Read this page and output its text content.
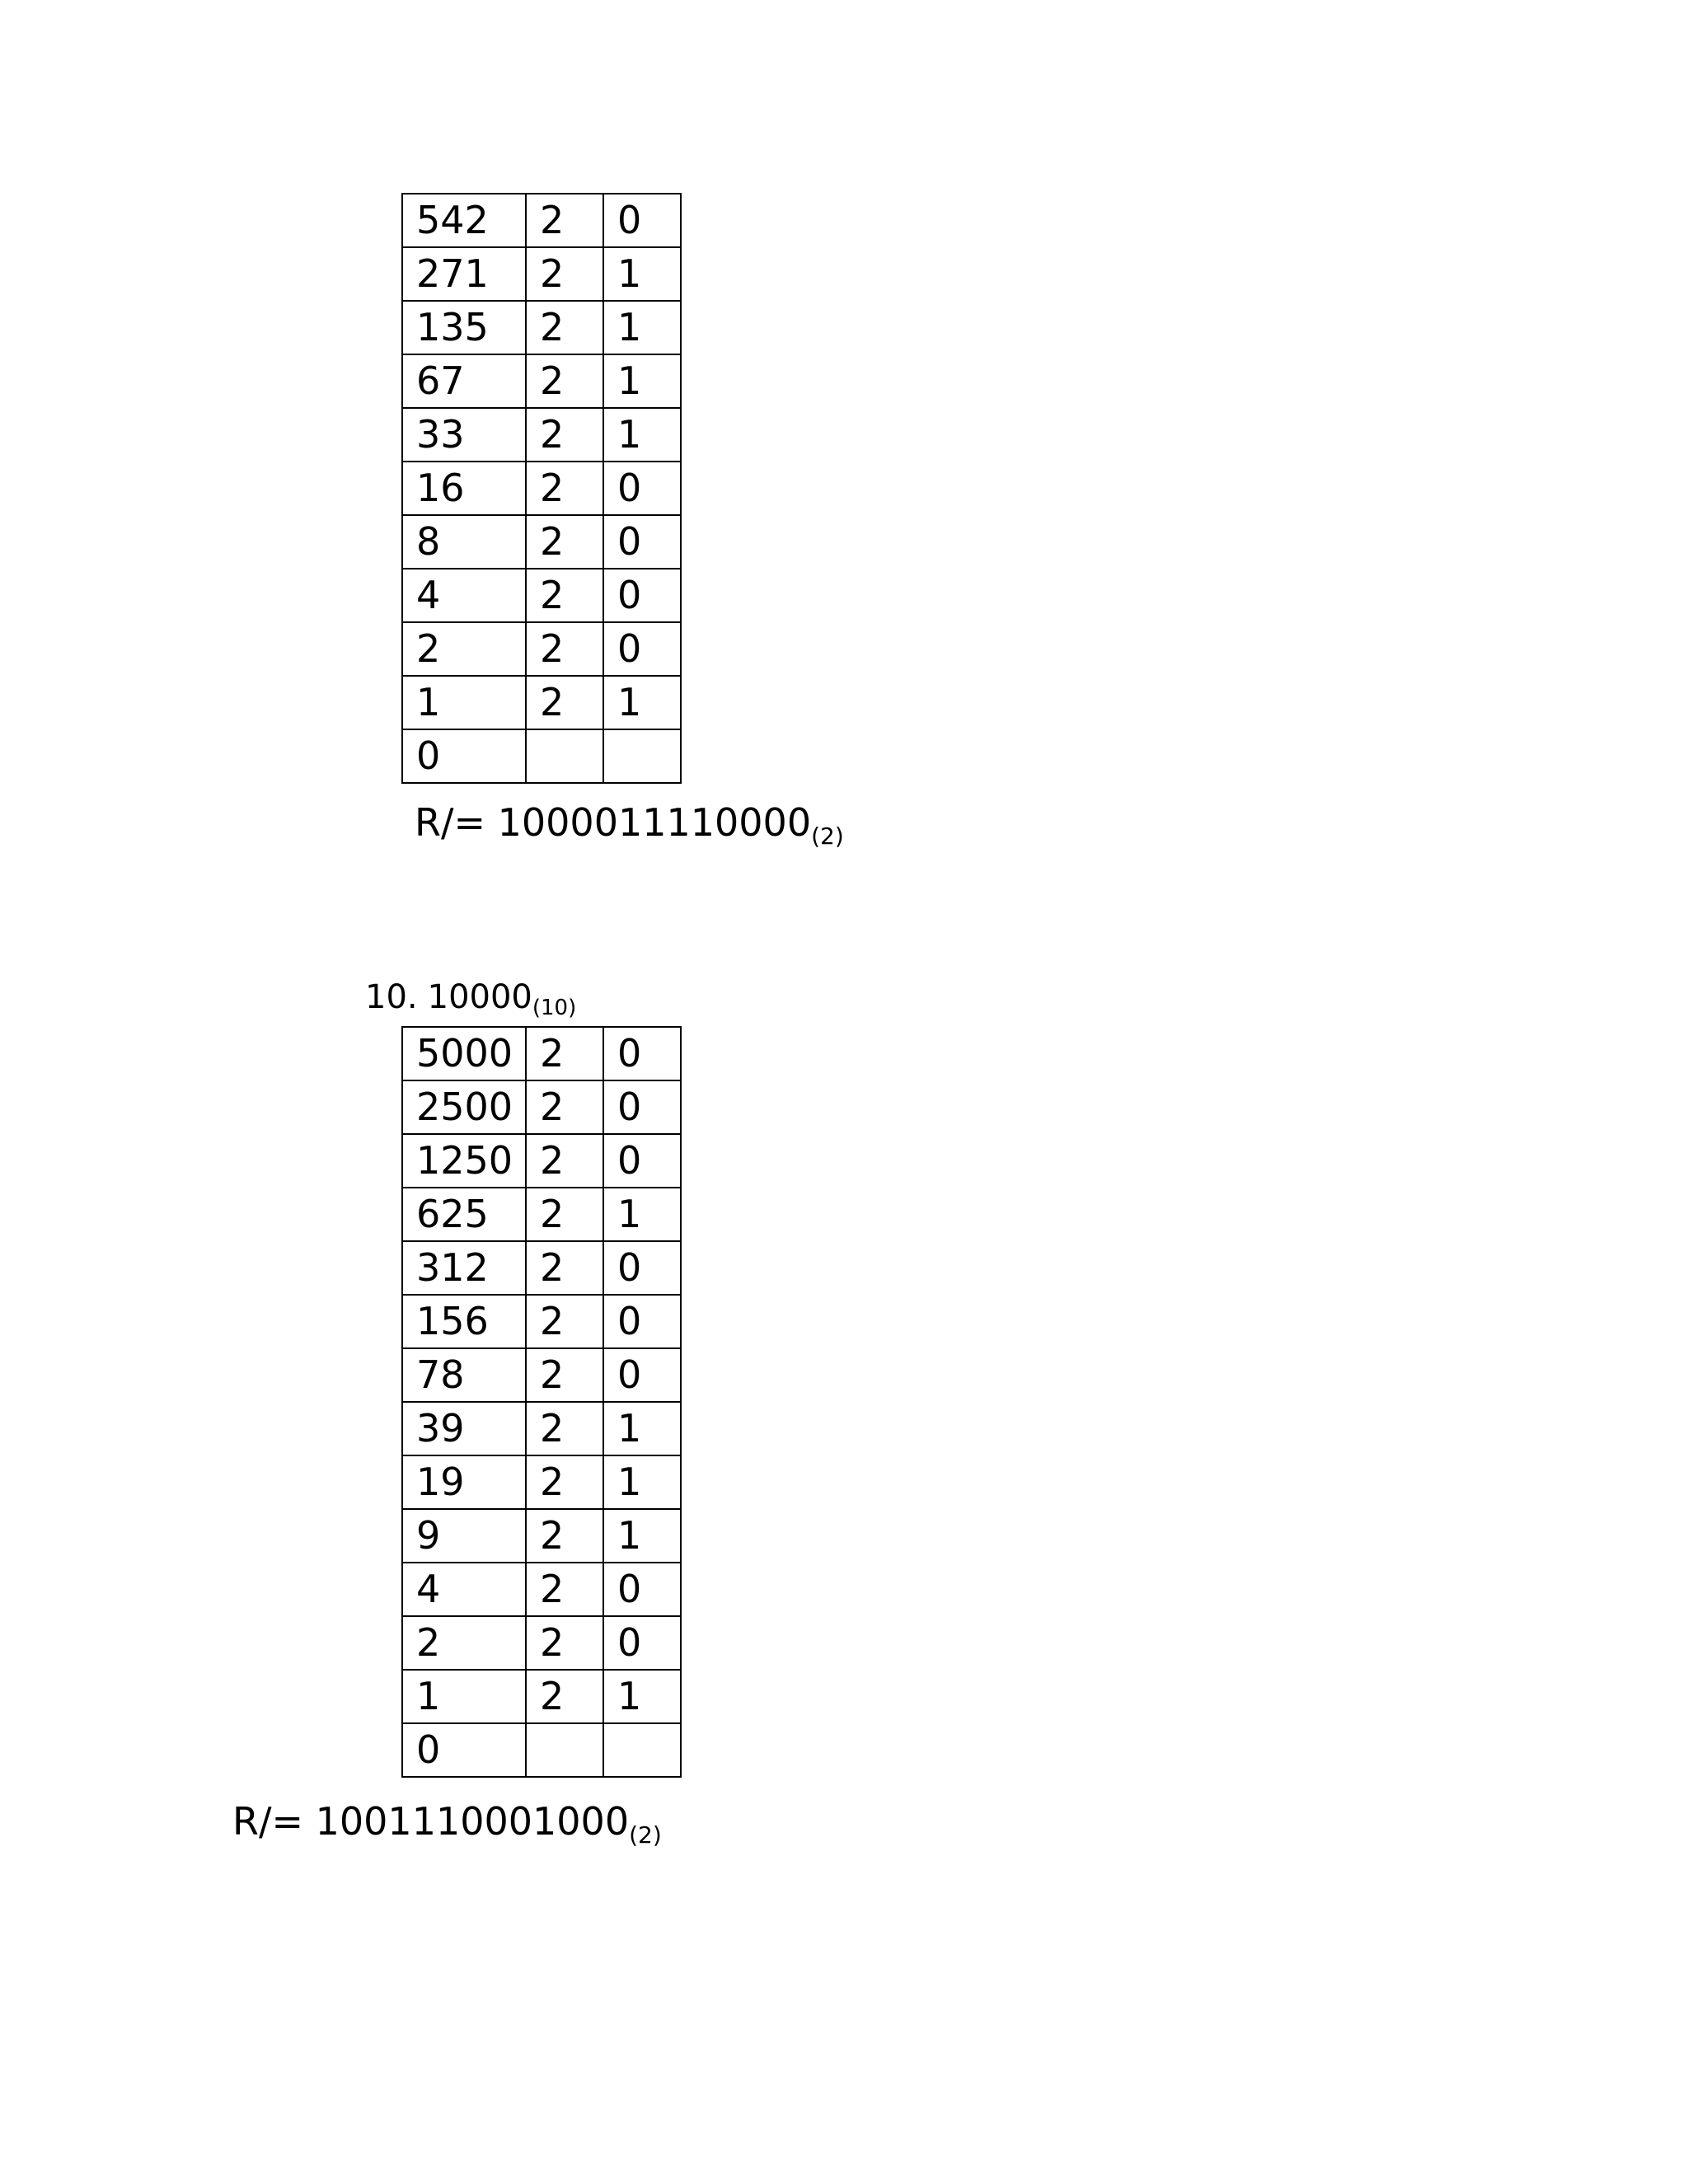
542	2	0
271	2	1
135	2	1
67	2	1
33	2	1
16	2	0
8	2	0
4	2	0
2	2	0
1	2	1
0		
$R/= 1000011110000_{(2)}$
10. $10000_{(10)}$
5000	2	0
2500	2	0
1250	2	0
625	2	1
312	2	0
156	2	0
78	2	0
39	2	1
19	2	1
9	2	1
4	2	0
2	2	0
1	2	1
0		
$R/= 1001110001000_{(2)}$
